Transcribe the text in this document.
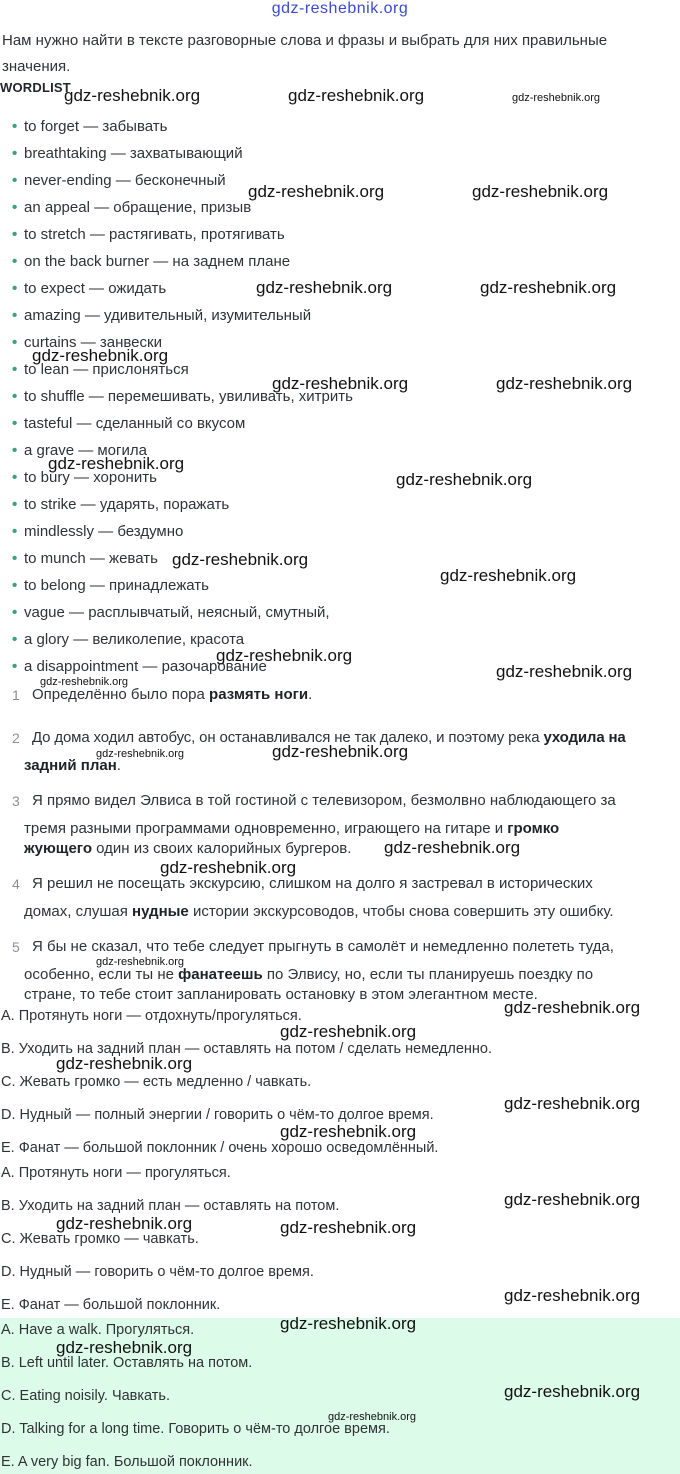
gdz-reshebnik.org
Нам нужно найти в тексте разговорные слова и фразы и выбрать для них правильные значения.
WORDLIST
• to forget — забывать
• breathtaking — захватывающий
• never-ending — бесконечный
• an appeal — обращение, призыв
• to stretch — растягивать, протягивать
• on the back burner — на заднем плане
• to expect — ожидать
• amazing — удивительный, изумительный
• curtains — занвески
• to lean — прислоняться
• to shuffle — перемешивать, увиливать, хитрить
• tasteful — сделанный со вкусом
• a grave — могила
• to bury — хоронить
• to strike — ударять, поражать
• mindlessly — бездумно
• to munch — жевать
• to belong — принадлежать
• vague — расплывчатый, неясный, смутный,
• a glory — великолепие, красота
• a disappointment — разочарование
1 Определённо было пора размять ноги.
2 До дома ходил автобус, он останавливался не так далеко, и поэтому река уходила на
задний план.
3 Я прямо видел Элвиса в той гостиной с телевизором, безмолвно наблюдающего за
тремя разными программами одновременно, играющего на гитаре и громко
жующего один из своих калорийных бургеров.
4 Я решил не посещать экскурсию, слишком на долго я застревал в исторических
домах, слушая нудные истории экскурсоводов, чтобы снова совершить эту ошибку.
5 Я бы не сказал, что тебе следует прыгнуть в самолёт и немедленно полететь туда,
особенно, если ты не фанатеешь по Элвису, но, если ты планируешь поездку по
стране, то тебе стоит запланировать остановку в этом элегантном месте.
A. Протянуть ноги — отдохнуть/прогуляться.
B. Уходить на задний план — оставлять на потом / сделать немедленно.
C. Жевать громко — есть медленно / чавкать.
D. Нудный — полный энергии / говорить о чём-то долгое время.
E. Фанат — большой поклонник / очень хорошо осведомлённый.
A. Протянуть ноги — прогуляться.
B. Уходить на задний план — оставлять на потом.
C. Жевать громко — чавкать.
D. Нудный — говорить о чём-то долгое время.
E. Фанат — большой поклонник.
A. Have a walk. Прогуляться.
B. Left until later. Оставлять на потом.
C. Eating noisily. Чавкать.
D. Talking for a long time. Говорить о чём-то долгое время.
E. A very big fan. Большой поклонник.
gdz-reshebnik.org	gdz-reshebnik.org	gdz-reshebnik.org
gdz-reshebnik.org	gdz-reshebnik.org
gdz-reshebnik.org	gdz-reshebnik.org
gdz-reshebnik.org
gdz-reshebnik.org	gdz-reshebnik.org
gdz-reshebnik.org
gdz-reshebnik.org
gdz-reshebnik.org
gdz-reshebnik.org
gdz-reshebnik.org
gdz-reshebnik.org
gdz-reshebnik.org
gdz-reshebnik.org	gdz-reshebnik.org
gdz-reshebnik.org
gdz-reshebnik.org
gdz-reshebnik.org
gdz-reshebnik.org
gdz-reshebnik.org
gdz-reshebnik.org
gdz-reshebnik.org
gdz-reshebnik.org
gdz-reshebnik.org
gdz-reshebnik.org	gdz-reshebnik.org
gdz-reshebnik.org
gdz-reshebnik.org
gdz-reshebnik.org
gdz-reshebnik.org
gdz-reshebnik.org
